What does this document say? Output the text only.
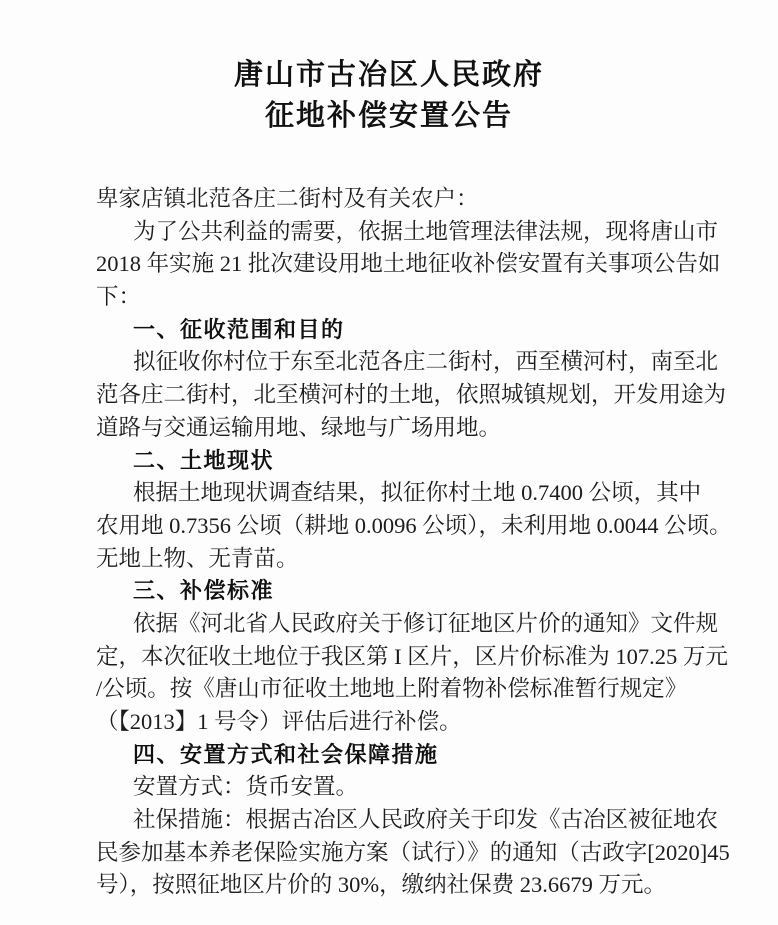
唐山市古冶区人民政府
征地补偿安置公告
卑家店镇北范各庄二街村及有关农户：
为了公共利益的需要，依据土地管理法律法规，现将唐山市
2018 年实施 21 批次建设用地土地征收补偿安置有关事项公告如
下：
一、征收范围和目的
拟征收你村位于东至北范各庄二街村，西至横河村，南至北
范各庄二街村，北至横河村的土地，依照城镇规划，开发用途为
道路与交通运输用地、绿地与广场用地。
二、土地现状
根据土地现状调查结果，拟征你村土地 0.7400 公顷，其中
农用地 0.7356 公顷（耕地 0.0096 公顷），未利用地 0.0044 公顷。
无地上物、无青苗。
三、补偿标准
依据《河北省人民政府关于修订征地区片价的通知》文件规
定，本次征收土地位于我区第 I 区片，区片价标准为 107.25 万元
/公顷。按《唐山市征收土地地上附着物补偿标准暂行规定》
（【2013】1 号令）评估后进行补偿。
四、安置方式和社会保障措施
安置方式：货币安置。
社保措施：根据古冶区人民政府关于印发《古冶区被征地农
民参加基本养老保险实施方案（试行）》的通知（古政字[2020]45
号），按照征地区片价的 30%，缴纳社保费 23.6679 万元。
